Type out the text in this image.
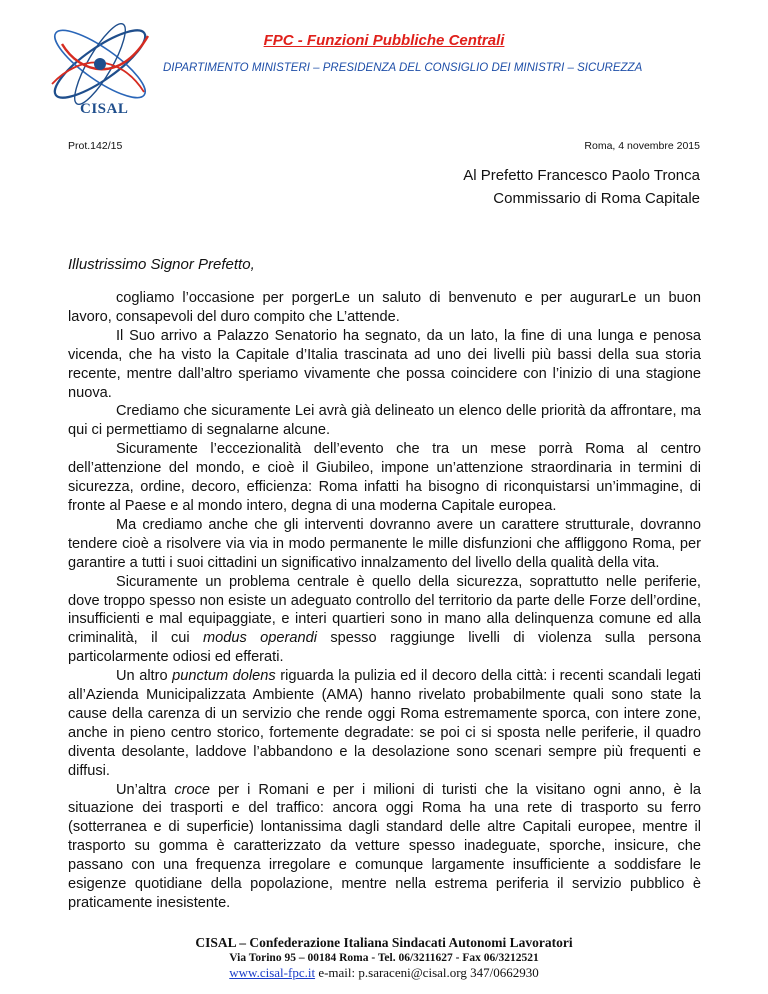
CISAL
FPC - Funzioni Pubbliche Centrali
DIPARTIMENTO MINISTERI – PRESIDENZA DEL CONSIGLIO DEI MINISTRI – SICUREZZA
Prot.142/15	Roma, 4 novembre 2015
Al Prefetto Francesco Paolo Tronca
Commissario di Roma Capitale
Illustrissimo Signor Prefetto,

cogliamo l’occasione per porgerLe un saluto di benvenuto e per augurarLe un buon lavoro, consapevoli del duro compito che L’attende.

Il Suo arrivo a Palazzo Senatorio ha segnato, da un lato, la fine di una lunga e penosa vicenda, che ha visto la Capitale d’Italia trascinata ad uno dei livelli più bassi della sua storia recente, mentre dall’altro speriamo vivamente che possa coincidere con l’inizio di una stagione nuova.

Crediamo che sicuramente Lei avrà già delineato un elenco delle priorità da affrontare, ma qui ci permettiamo di segnalarne alcune.

Sicuramente l’eccezionalità dell’evento che tra un mese porrà Roma al centro dell’attenzione del mondo, e cioè il Giubileo, impone un’attenzione straordinaria in termini di sicurezza, ordine, decoro, efficienza: Roma infatti ha bisogno di riconquistarsi un’immagine, di fronte al Paese e al mondo intero, degna di una moderna Capitale europea.

Ma crediamo anche che gli interventi dovranno avere un carattere strutturale, dovranno tendere cioè a risolvere via via in modo permanente le mille disfunzioni che affliggono Roma, per garantire a tutti i suoi cittadini un significativo innalzamento del livello della qualità della vita.

Sicuramente un problema centrale è quello della sicurezza, soprattutto nelle periferie, dove troppo spesso non esiste un adeguato controllo del territorio da parte delle Forze dell’ordine, insufficienti e mal equipaggiate, e interi quartieri sono in mano alla delinquenza comune ed alla criminalità, il cui modus operandi spesso raggiunge livelli di violenza sulla persona particolarmente odiosi ed efferati.

Un altro punctum dolens riguarda la pulizia ed il decoro della città: i recenti scandali legati all’Azienda Municipalizzata Ambiente (AMA) hanno rivelato probabilmente quali sono state la cause della carenza di un servizio che rende oggi Roma estremamente sporca, con intere zone, anche in pieno centro storico, fortemente degradate: se poi ci si sposta nelle periferie, il quadro diventa desolante, laddove l’abbandono e la desolazione sono scenari sempre più frequenti e diffusi.

Un’altra croce per i Romani e per i milioni di turisti che la visitano ogni anno, è la situazione dei trasporti e del traffico: ancora oggi Roma ha una rete di trasporto su ferro (sotterranea e di superficie) lontanissima dagli standard delle altre Capitali europee, mentre il trasporto su gomma è caratterizzato da vetture spesso inadeguate, sporche, insicure, che passano con una frequenza irregolare e comunque largamente insufficiente a soddisfare le esigenze quotidiane della popolazione, mentre nella estrema periferia il servizio pubblico è praticamente inesistente.

CISAL – Confederazione Italiana Sindacati Autonomi Lavoratori
Via Torino 95 – 00184 Roma - Tel. 06/3211627 - Fax 06/3212521
www.cisal-fpc.it e-mail: p.saraceni@cisal.org 347/0662930
